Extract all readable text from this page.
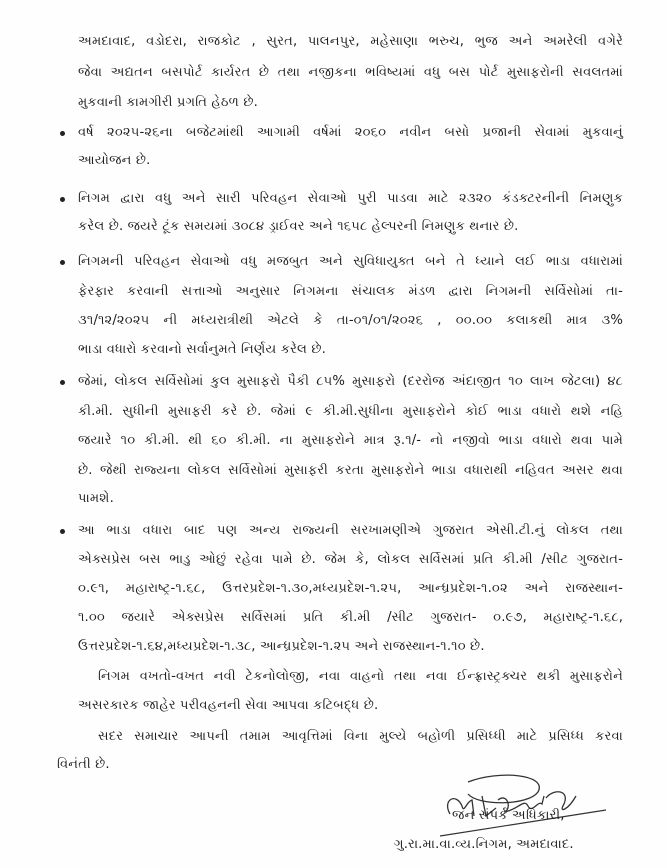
અમદાવાદ, વડોદરા, રાજકોટ , સુરત, પાલનપુર, મહેસાણા ભરુચ, ભુજ અને અમરેલી વગેરે
જેવા અદ્યતન બસપોર્ટ કાર્યરત છે તથા નજીકના ભવિષ્યમાં વધુ બસ પોર્ટ મુસાફરોની સવલતમાં
મુકવાની કામગીરી પ્રગતિ હેઠળ છે.
વર્ષ ૨૦૨૫-૨૬ના બજેટમાંથી આગામી વર્ષમાં ૨૦૬૦ નવીન બસો પ્રજાની સેવામાં મુકવાનું
આયોજન છે.
નિગમ દ્વારા વધુ અને સારી પરિવહન સેવાઓ પુરી પાડવા માટે ૨૩૨૦ કંડક્ટરનીની નિમણુક
કરેલ છે. જયરે ટૂંક સમયમાં ૩૦૮૪ ડ્રાઈવર અને ૧૬૫૮ હેલ્પરની નિમણુક થનાર છે.
નિગમની પરિવહન સેવાઓ વધુ મજબુત અને સુવિધાયુક્ત બને તે ધ્યાને લઈ ભાડા વધારામાં
ફેરફાર કરવાની સત્તાઓ અનુસાર નિગમના સંચાલક મંડળ દ્વારા નિગમની સર્વિસોમાં તા-
૩૧/૧૨/૨૦૨૫ ની મધ્યરાત્રીથી એટલે કે તા-૦૧/૦૧/૨૦૨૬ , ૦૦.૦૦ કલાકથી માત્ર ૩%
ભાડા વધારો કરવાનો સર્વાનુમતે નિર્ણય કરેલ છે.
જેમાં, લોકલ સર્વિસોમાં કુલ મુસાફરો પૈકી ૮૫% મુસાફરો (દરરોજ અંદાજીત ૧૦ લાખ જેટલા) ૪૮
કી.મી. સુધીની મુસાફરી કરે છે. જેમાં ૯ કી.મી.સુધીના મુસાફરોને કોઈ ભાડા વધારો થશે નહિ
જયારે ૧૦ કી.મી. થી ૬૦ કી.મી. ના મુસાફરોને માત્ર રૂ.૧/- નો નજીવો ભાડા વધારો થવા પામે
છે. જેથી રાજ્યના લોકલ સર્વિસોમાં મુસાફરી કરતા મુસાફરોને ભાડા વધારાથી નહિવત અસર થવા
પામશે.
આ ભાડા વધારા બાદ પણ અન્ય રાજ્યની સરખામણીએ ગુજરાત એસી.ટી.નું લોકલ તથા
એક્સપ્રેસ બસ ભાડુ ઓછું રહેવા પામે છે. જેમ કે, લોકલ સર્વિસમાં પ્રતિ કી.મી /સીટ ગુજરાત-
૦.૯૧, મહારાષ્ટ્ર-૧.૬૮, ઉત્તરપ્રદેશ-૧.૩૦,મધ્યપ્રદેશ-૧.૨૫, આન્ધ્રપ્રદેશ-૧.૦૨ અને રાજસ્થાન-
૧.૦૦ જયારે એક્સપ્રેસ સર્વિસમાં પ્રતિ કી.મી /સીટ ગુજરાત- ૦.૯૭, મહારાષ્ટ્ર-૧.૬૮,
ઉત્તરપ્રદેશ-૧.૬૪,મધ્યપ્રદેશ-૧.૩૮, આન્ધ્રપ્રદેશ-૧.૨૫ અને રાજસ્થાન-૧.૧૦ છે.
નિગમ વખતો-વખત નવી ટેકનોલોજી, નવા વાહનો તથા નવા ઈન્ફ્રાસ્ટ્રક્ચર થકી મુસાફરોને
અસરકારક જાહેર પરીવહનની સેવા આપવા કટિબદ્ધ છે.
સદર સમાચાર આપની તમામ આવૃત્તિમાં વિના મુલ્યે બહોળી પ્રસિધ્ધી માટે પ્રસિધ્ધ કરવા
વિનંતી છે.
જન સંપર્ક અધિકારી,
ગુ.રા.મા.વા.વ્ય.નિગમ, અમદાવાદ.
